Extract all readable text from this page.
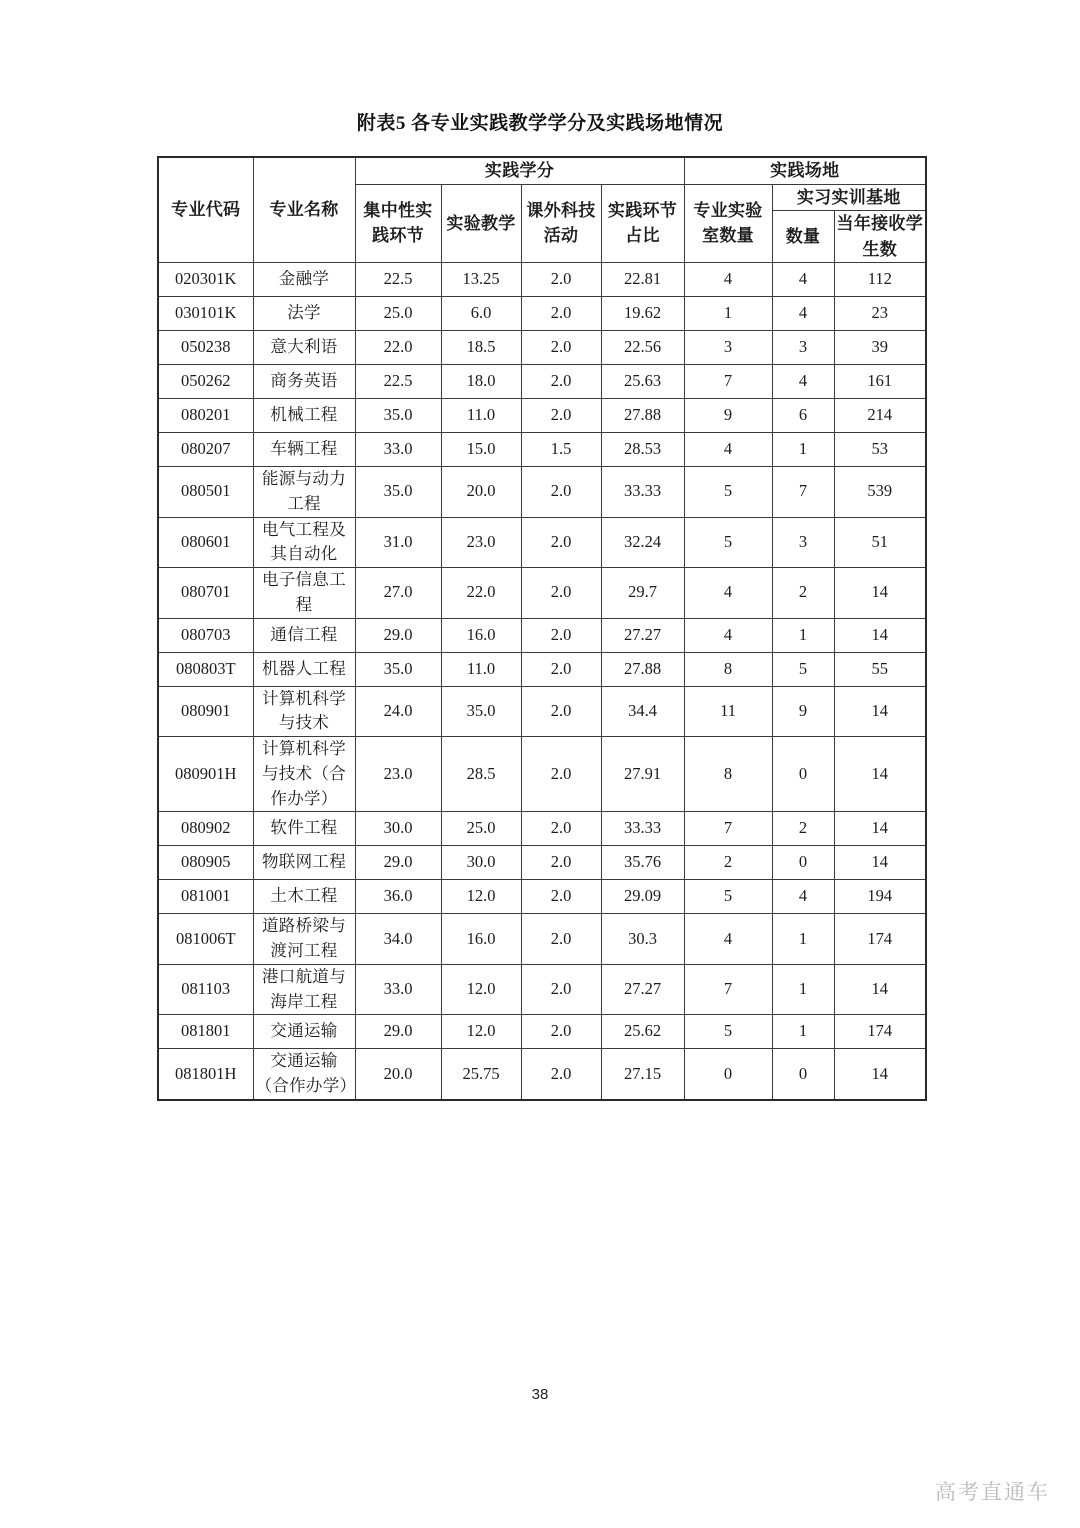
附表5 各专业实践教学学分及实践场地情况
专业代码	专业名称	实践学分				实践场地		
		集中性实践环节	实验教学	课外科技活动	实践环节占比	专业实验室数量	实习实训基地	
							数量	当年接收学生数
020301K	金融学	22.5	13.25	2.0	22.81	4	4	112
030101K	法学	25.0	6.0	2.0	19.62	1	4	23
050238	意大利语	22.0	18.5	2.0	22.56	3	3	39
050262	商务英语	22.5	18.0	2.0	25.63	7	4	161
080201	机械工程	35.0	11.0	2.0	27.88	9	6	214
080207	车辆工程	33.0	15.0	1.5	28.53	4	1	53
080501	能源与动力工程	35.0	20.0	2.0	33.33	5	7	539
080601	电气工程及其自动化	31.0	23.0	2.0	32.24	5	3	51
080701	电子信息工程	27.0	22.0	2.0	29.7	4	2	14
080703	通信工程	29.0	16.0	2.0	27.27	4	1	14
080803T	机器人工程	35.0	11.0	2.0	27.88	8	5	55
080901	计算机科学与技术	24.0	35.0	2.0	34.4	11	9	14
080901H	计算机科学与技术（合作办学）	23.0	28.5	2.0	27.91	8	0	14
080902	软件工程	30.0	25.0	2.0	33.33	7	2	14
080905	物联网工程	29.0	30.0	2.0	35.76	2	0	14
081001	土木工程	36.0	12.0	2.0	29.09	5	4	194
081006T	道路桥梁与渡河工程	34.0	16.0	2.0	30.3	4	1	174
081103	港口航道与海岸工程	33.0	12.0	2.0	27.27	7	1	14
081801	交通运输	29.0	12.0	2.0	25.62	5	1	174
081801H	交通运输（合作办学）	20.0	25.75	2.0	27.15	0	0	14
38
高考直通车
